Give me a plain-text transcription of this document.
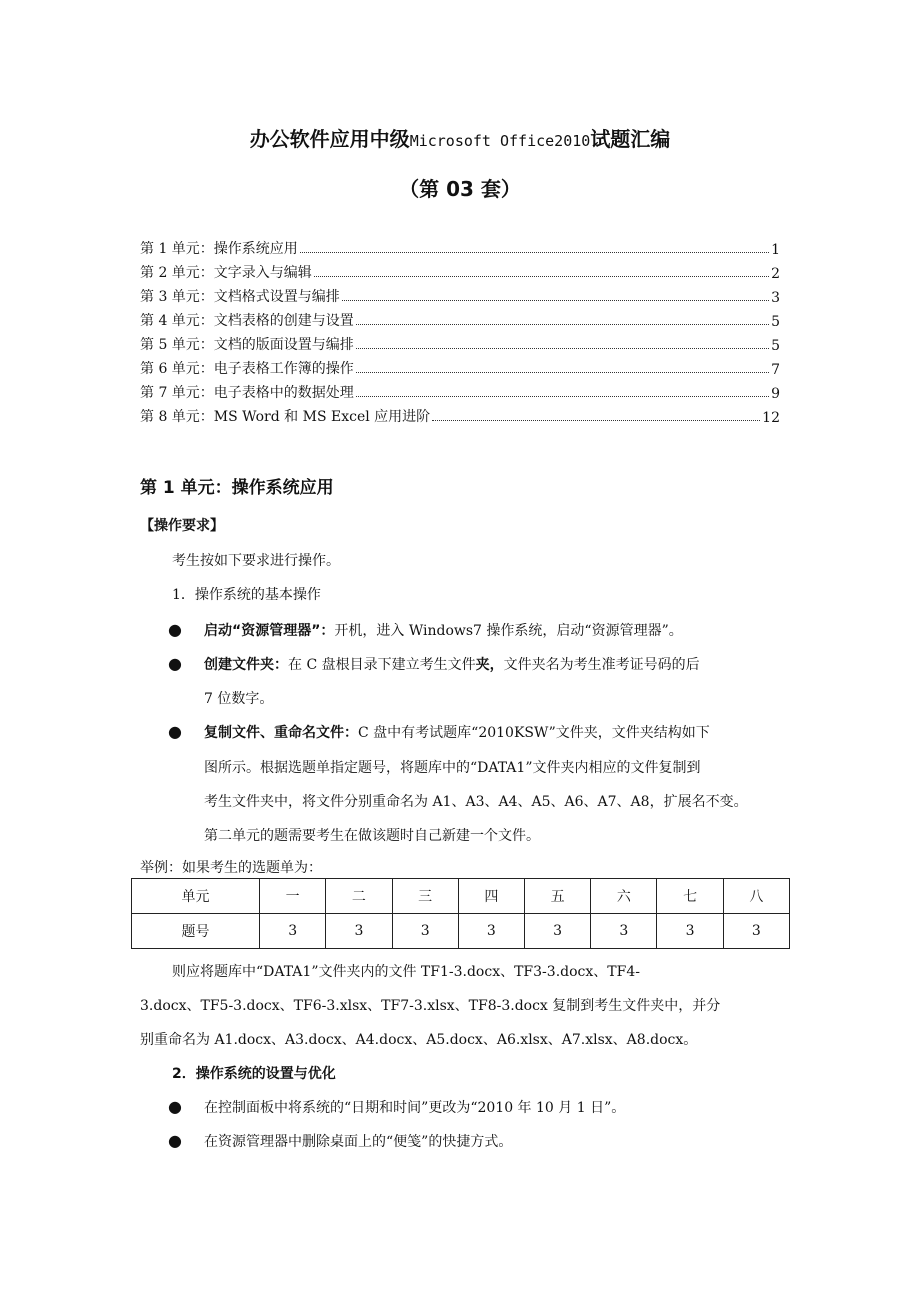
办公软件应用中级Microsoft Office2010试题汇编
（第 03 套）
第 1 单元：操作系统应用	1
第 2 单元：文字录入与编辑	2
第 3 单元：文档格式设置与编排	3
第 4 单元：文档表格的创建与设置	5
第 5 单元：文档的版面设置与编排	5
第 6 单元：电子表格工作簿的操作	7
第 7 单元：电子表格中的数据处理	9
第 8 单元：MS Word 和 MS Excel 应用进阶	12
第 1 单元：操作系统应用
【操作要求】
考生按如下要求进行操作。
1．操作系统的基本操作
● 启动“资源管理器”：开机，进入 Windows7 操作系统，启动“资源管理器”。
● 创建文件夹：在 C 盘根目录下建立考生文件夹，文件夹名为考生准考证号码的后
7 位数字。
● 复制文件、重命名文件：C 盘中有考试题库“2010KSW”文件夹，文件夹结构如下
图所示。根据选题单指定题号，将题库中的“DATA1”文件夹内相应的文件复制到
考生文件夹中，将文件分别重命名为 A1、A3、A4、A5、A6、A7、A8，扩展名不变。
第二单元的题需要考生在做该题时自己新建一个文件。
举例：如果考生的选题单为：
单元	一	二	三	四	五	六	七	八
题号	3	3	3	3	3	3	3	3
则应将题库中“DATA1”文件夹内的文件 TF1-3.docx、TF3-3.docx、TF4-
3.docx、TF5-3.docx、TF6-3.xlsx、TF7-3.xlsx、TF8-3.docx 复制到考生文件夹中，并分
别重命名为 A1.docx、A3.docx、A4.docx、A5.docx、A6.xlsx、A7.xlsx、A8.docx。
2．操作系统的设置与优化
● 在控制面板中将系统的“日期和时间”更改为“2010 年 10 月 1 日”。
● 在资源管理器中删除桌面上的“便笺”的快捷方式。
